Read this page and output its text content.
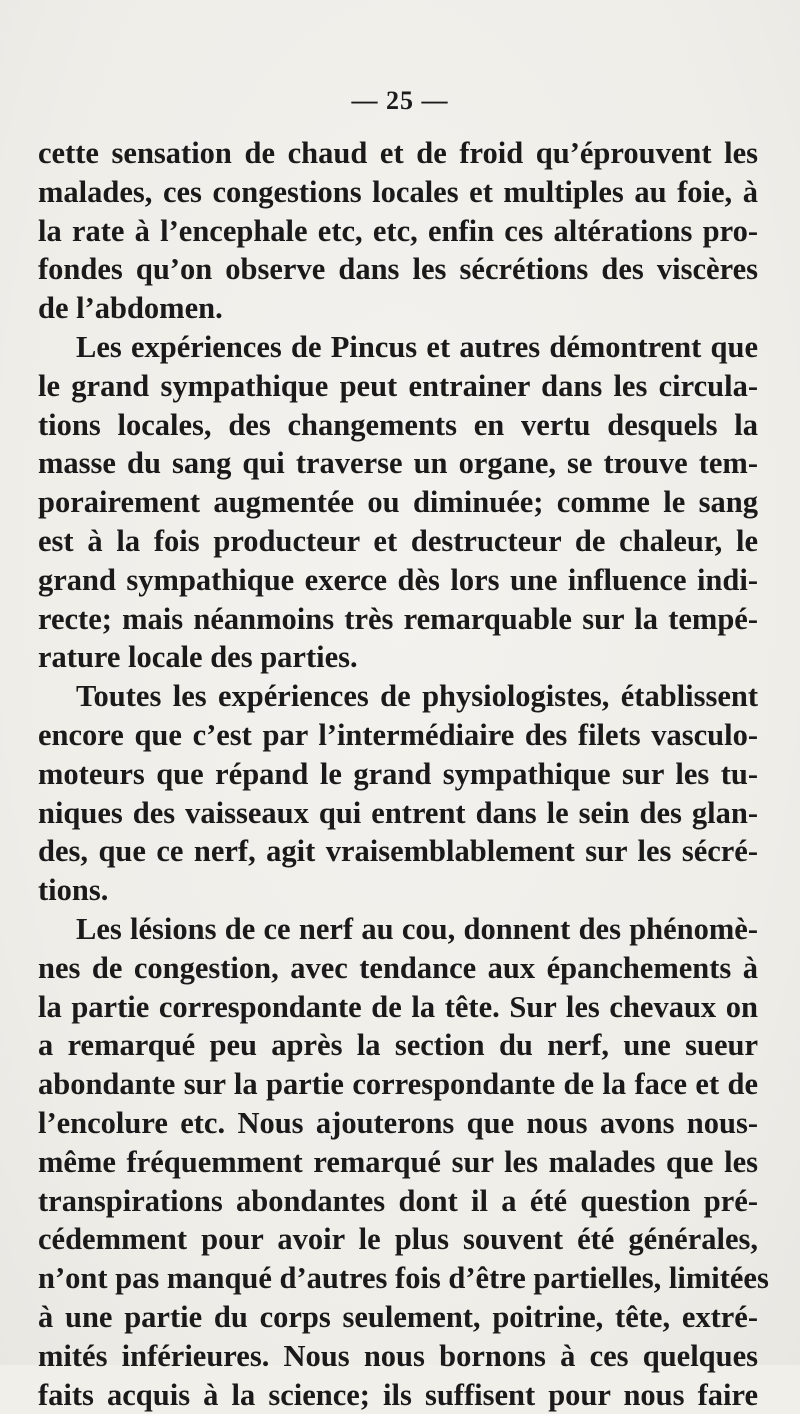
— 25 —
cette sensation de chaud et de froid qu’éprouvent les
malades, ces congestions locales et multiples au foie, à
la rate à l’encephale etc, etc, enfin ces altérations pro-
fondes qu’on observe dans les sécrétions des viscères
de l’abdomen.
Les expériences de Pincus et autres démontrent que
le grand sympathique peut entrainer dans les circula-
tions locales, des changements en vertu desquels la
masse du sang qui traverse un organe, se trouve tem-
porairement augmentée ou diminuée; comme le sang
est à la fois producteur et destructeur de chaleur, le
grand sympathique exerce dès lors une influence indi-
recte; mais néanmoins très remarquable sur la tempé-
rature locale des parties.
Toutes les expériences de physiologistes, établissent
encore que c’est par l’intermédiaire des filets vasculo-
moteurs que répand le grand sympathique sur les tu-
niques des vaisseaux qui entrent dans le sein des glan-
des, que ce nerf, agit vraisemblablement sur les sécré-
tions.
Les lésions de ce nerf au cou, donnent des phénomè-
nes de congestion, avec tendance aux épanchements à
la partie correspondante de la tête. Sur les chevaux on
a remarqué peu après la section du nerf, une sueur
abondante sur la partie correspondante de la face et de
l’encolure etc. Nous ajouterons que nous avons nous-
même fréquemment remarqué sur les malades que les
transpirations abondantes dont il a été question pré-
cédemment pour avoir le plus souvent été générales,
n’ont pas manqué d’autres fois d’être partielles, limitées
à une partie du corps seulement, poitrine, tête, extré-
mités inférieures. Nous nous bornons à ces quelques
faits acquis à la science; ils suffisent pour nous faire
